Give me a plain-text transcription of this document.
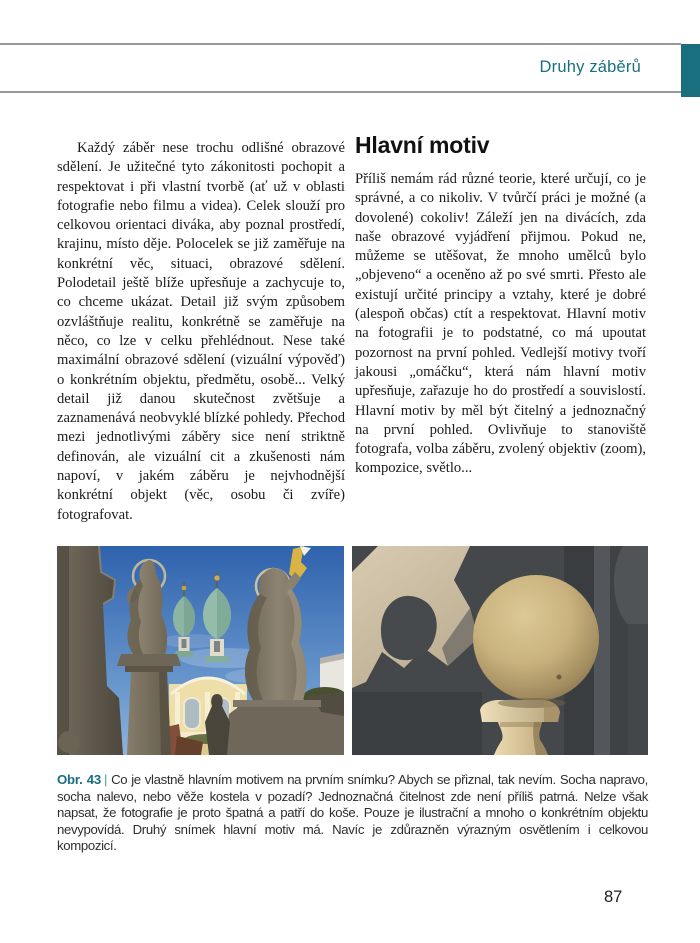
Druhy záběrů

Každý záběr nese trochu odlišné obrazové sdělení. Je užitečné tyto zákonitosti pochopit a respektovat i při vlastní tvorbě (ať už v oblasti fotografie nebo filmu a videa). Celek slouží pro celkovou orientaci diváka, aby poznal prostředí, krajinu, místo děje. Polocelek se již zaměřuje na konkrétní věc, situaci, obrazové sdělení. Polodetail ještě blíže upřesňuje a zachycuje to, co chceme ukázat. Detail již svým způsobem ozvláštňuje realitu, konkrétně se zaměřuje na něco, co lze v celku přehlédnout. Nese také maximální obrazové sdělení (vizuální výpověď) o konkrétním objektu, předmětu, osobě... Velký detail již danou skutečnost zvětšuje a zaznamenává neobvyklé blízké pohledy. Přechod mezi jednotlivými záběry sice není striktně definován, ale vizuální cit a zkušenosti nám napoví, v jakém záběru je nejvhodnější konkrétní objekt (věc, osobu či zvíře) fotografovat.

Hlavní motiv

Příliš nemám rád různé teorie, které určují, co je správné, a co nikoliv. V tvůrčí práci je možné (a dovolené) cokoliv! Záleží jen na divácích, zda naše obrazové vyjádření přijmou. Pokud ne, můžeme se utěšovat, že mnoho umělců bylo „objeveno“ a oceněno až po své smrti. Přesto ale existují určité principy a vztahy, které je dobré (alespoň občas) ctít a respektovat. Hlavní motiv na fotografii je to podstatné, co má upoutat pozornost na první pohled. Vedlejší motivy tvoří jakousi „omáčku“, která nám hlavní motiv upřesňuje, zařazuje ho do prostředí a souvislostí. Hlavní motiv by měl být čitelný a jednoznačný na první pohled. Ovlivňuje to stanoviště fotografa, volba záběru, zvolený objektiv (zoom), kompozice, světlo...

Obr. 43 | Co je vlastně hlavním motivem na prvním snímku? Abych se přiznal, tak nevím. Socha napravo, socha nalevo, nebo věže kostela v pozadí? Jednoznačná čitelnost zde není příliš patrná. Nelze však napsat, že fotografie je proto špatná a patří do koše. Pouze je ilustrační a mnoho o konkrétním objektu nevypovídá. Druhý snímek hlavní motiv má. Navíc je zdůrazněn výrazným osvětlením i celkovou kompozicí.
87
